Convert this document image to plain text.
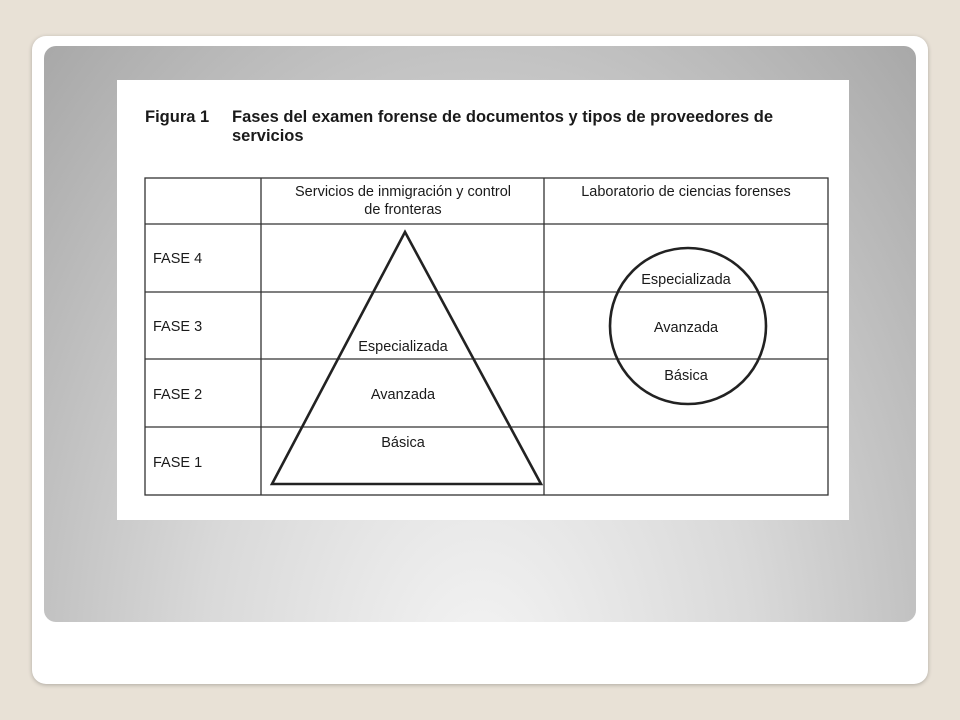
Figura 1 Fases del examen forense de documentos y tipos de proveedores de servicios
Servicios de inmigración y control
de fronteras
Laboratorio de ciencias forenses
FASE 4
FASE 3
FASE 2
FASE 1
Especializada
Avanzada
Básica
Especializada
Avanzada
Básica
